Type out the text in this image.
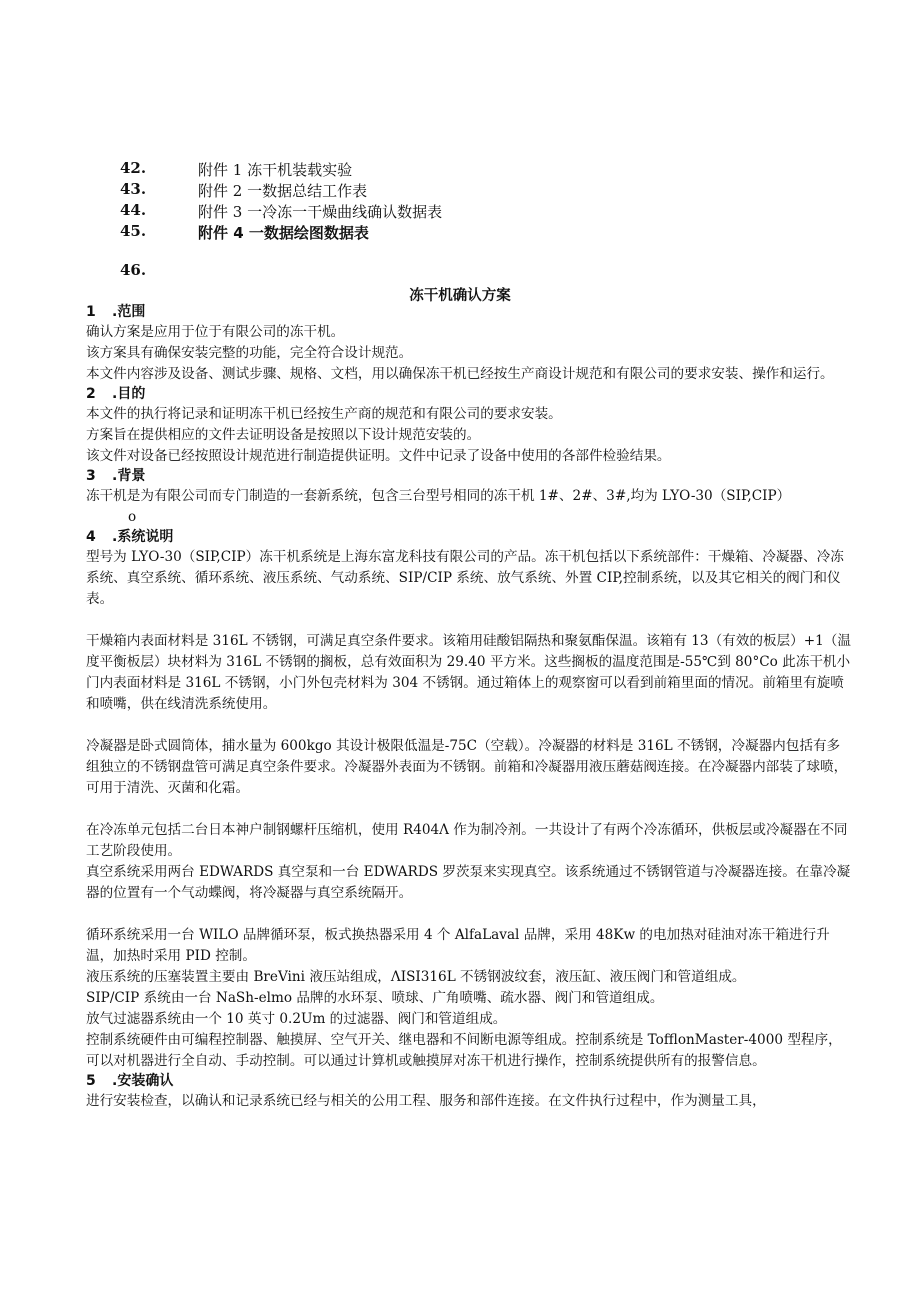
42.	附件 1 冻干机装载实验
43.	附件 2 一数据总结工作表
44.	附件 3 一冷冻一干燥曲线确认数据表
45.	附件 4 一数据绘图数据表
46.
冻干机确认方案
1 .范围

确认方案是应用于位于有限公司的冻干机。

该方案具有确保安装完整的功能，完全符合设计规范。

本文件内容涉及设备、测试步骤、规格、文档，用以确保冻干机已经按生产商设计规范和有限公司的要求安装、操作和运行。

2 .目的

本文件的执行将记录和证明冻干机已经按生产商的规范和有限公司的要求安装。

方案旨在提供相应的文件去证明设备是按照以下设计规范安装的。

该文件对设备已经按照设计规范进行制造提供证明。文件中记录了设备中使用的各部件检验结果。

3 .背景

冻干机是为有限公司而专门制造的一套新系统，包含三台型号相同的冻干机 1#、2#、3#,均为 LYO-30（SIP,CIP）

o

4 .系统说明

型号为 LYO-30（SIP,CIP）冻干机系统是上海东富龙科技有限公司的产品。冻干机包括以下系统部件：干燥箱、冷凝器、冷冻系统、真空系统、循环系统、液压系统、气动系统、SIP/CIP 系统、放气系统、外置 CIP,控制系统，以及其它相关的阀门和仪表。

干燥箱内表面材料是 316L 不锈钢，可满足真空条件要求。该箱用硅酸铝隔热和聚氨酯保温。该箱有 13（有效的板层）+1（温度平衡板层）块材料为 316L 不锈钢的搁板，总有效面积为 29.40 平方米。这些搁板的温度范围是-55℃到 80°Co 此冻干机小门内表面材料是 316L 不锈钢，小门外包壳材料为 304 不锈钢。通过箱体上的观察窗可以看到前箱里面的情况。前箱里有旋喷和喷嘴，供在线清洗系统使用。

冷凝器是卧式圆筒体，捕水量为 600kgo 其设计极限低温是-75C（空载）。冷凝器的材料是 316L 不锈钢，冷凝器内包括有多组独立的不锈钢盘管可满足真空条件要求。冷凝器外表面为不锈钢。前箱和冷凝器用液压蘑菇阀连接。在冷凝器内部装了球喷，可用于清洗、灭菌和化霜。

在冷冻单元包括二台日本神户制钢螺杆压缩机，使用 R404Λ 作为制冷剂。一共设计了有两个冷冻循环，供板层或冷凝器在不同工艺阶段使用。

真空系统采用两台 EDWARDS 真空泵和一台 EDWARDS 罗茨泵来实现真空。该系统通过不锈钢管道与冷凝器连接。在靠冷凝器的位置有一个气动蝶阀，将冷凝器与真空系统隔开。

循环系统采用一台 WILO 品牌循环泵，板式换热器采用 4 个 AlfaLaval 品牌，采用 48Kw 的电加热对硅油对冻干箱进行升温，加热时采用 PID 控制。

液压系统的压塞装置主要由 BreVini 液压站组成，ΛISI316L 不锈钢波纹套，液压缸、液压阀门和管道组成。

SIP/CIP 系统由一台 NaSh-elmo 品牌的水环泵、喷球、广角喷嘴、疏水器、阀门和管道组成。

放气过滤器系统由一个 10 英寸 0.2Um 的过滤器、阀门和管道组成。

控制系统硬件由可编程控制器、触摸屏、空气开关、继电器和不间断电源等组成。控制系统是 TofflonMaster-4000 型程序，可以对机器进行全自动、手动控制。可以通过计算机或触摸屏对冻干机进行操作，控制系统提供所有的报警信息。

5 .安装确认

进行安装检查，以确认和记录系统已经与相关的公用工程、服务和部件连接。在文件执行过程中，作为测量工具，
